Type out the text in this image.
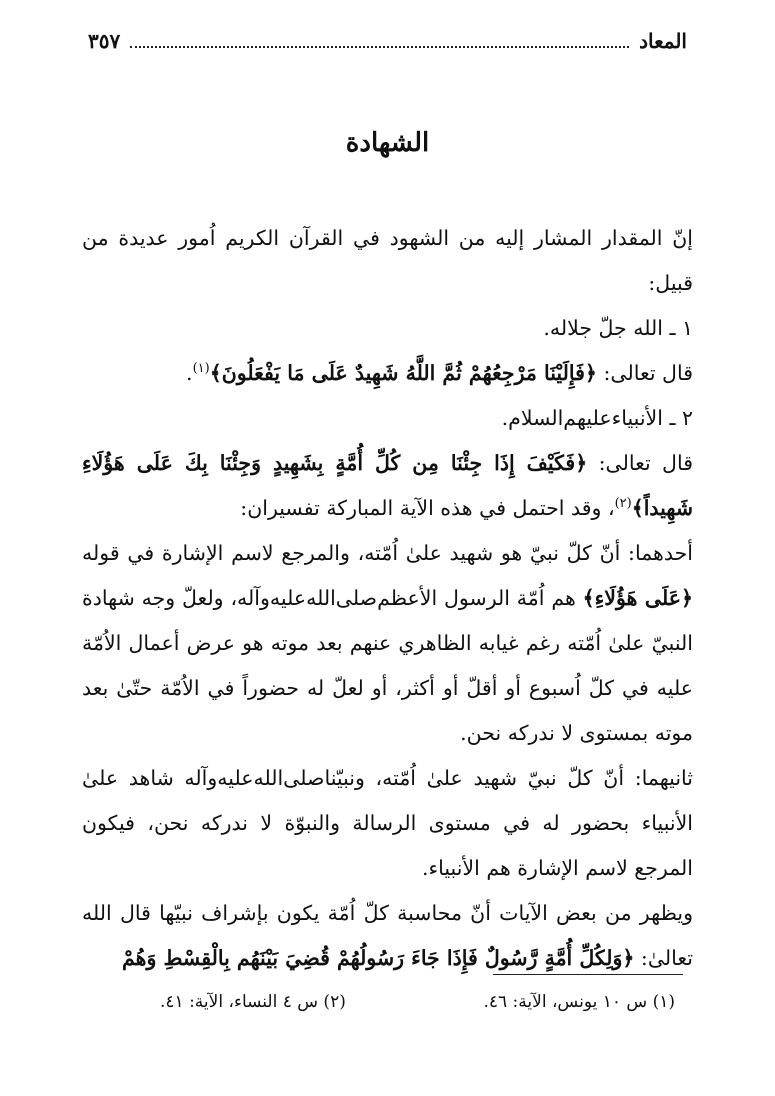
المعاد
٣٥٧
الشهادة

إنّ المقدار المشار إليه من الشهود في القرآن الكريم اُمور عديدة من قبيل:

١ ـ الله جلّ جلاله.

قال تعالى: ﴿فَإِلَيْنَا مَرْجِعُهُمْ ثُمَّ اللَّهُ شَهِيدٌ عَلَى مَا يَفْعَلُونَ﴾$^{(١)}$.

٢ ـ الأنبياء‌عليهم‌السلام.

قال تعالى: ﴿فَكَيْفَ إِذَا جِئْنَا مِن كُلِّ أُمَّةٍ بِشَهِيدٍ وَجِئْنَا بِكَ عَلَى هَؤُلَاءِ شَهِيداً﴾$^{(٢)}$، وقد احتمل في هذه الآية المباركة تفسيران:

أحدهما: أنّ كلّ نبيّ هو شهيد علىٰ اُمّته، والمرجع لاسم الإشارة في قوله ﴿عَلَى هَؤُلَاءِ﴾ هم اُمّة الرسول الأعظم‌صلى‌الله‌عليه‌وآله، ولعلّ وجه شهادة النبيّ علىٰ اُمّته رغم غيابه الظاهري عنهم بعد موته هو عرض أعمال الاُمّة عليه في كلّ اُسبوع أو أقلّ أو أكثر، أو لعلّ له حضوراً في الاُمّة حتّىٰ بعد موته بمستوى لا ندركه نحن.

ثانيهما: أنّ كلّ نبيّ شهيد علىٰ اُمّته، ونبيّنا‌صلى‌الله‌عليه‌وآله شاهد علىٰ الأنبياء بحضور له في مستوى الرسالة والنبوّة لا ندركه نحن، فيكون المرجع لاسم الإشارة هم الأنبياء.

ويظهر من بعض الآيات أنّ محاسبة كلّ اُمّة يكون بإشراف نبيّها قال الله تعالىٰ: ﴿وَلِكُلِّ أُمَّةٍ رَّسُولٌ فَإِذَا جَاءَ رَسُولُهُمْ قُضِيَ بَيْنَهُم بِالْقِسْطِ وَهُمْ

(١) س ١٠ يونس، الآية: ٤٦.
(٢) س ٤ النساء، الآية: ٤١.
